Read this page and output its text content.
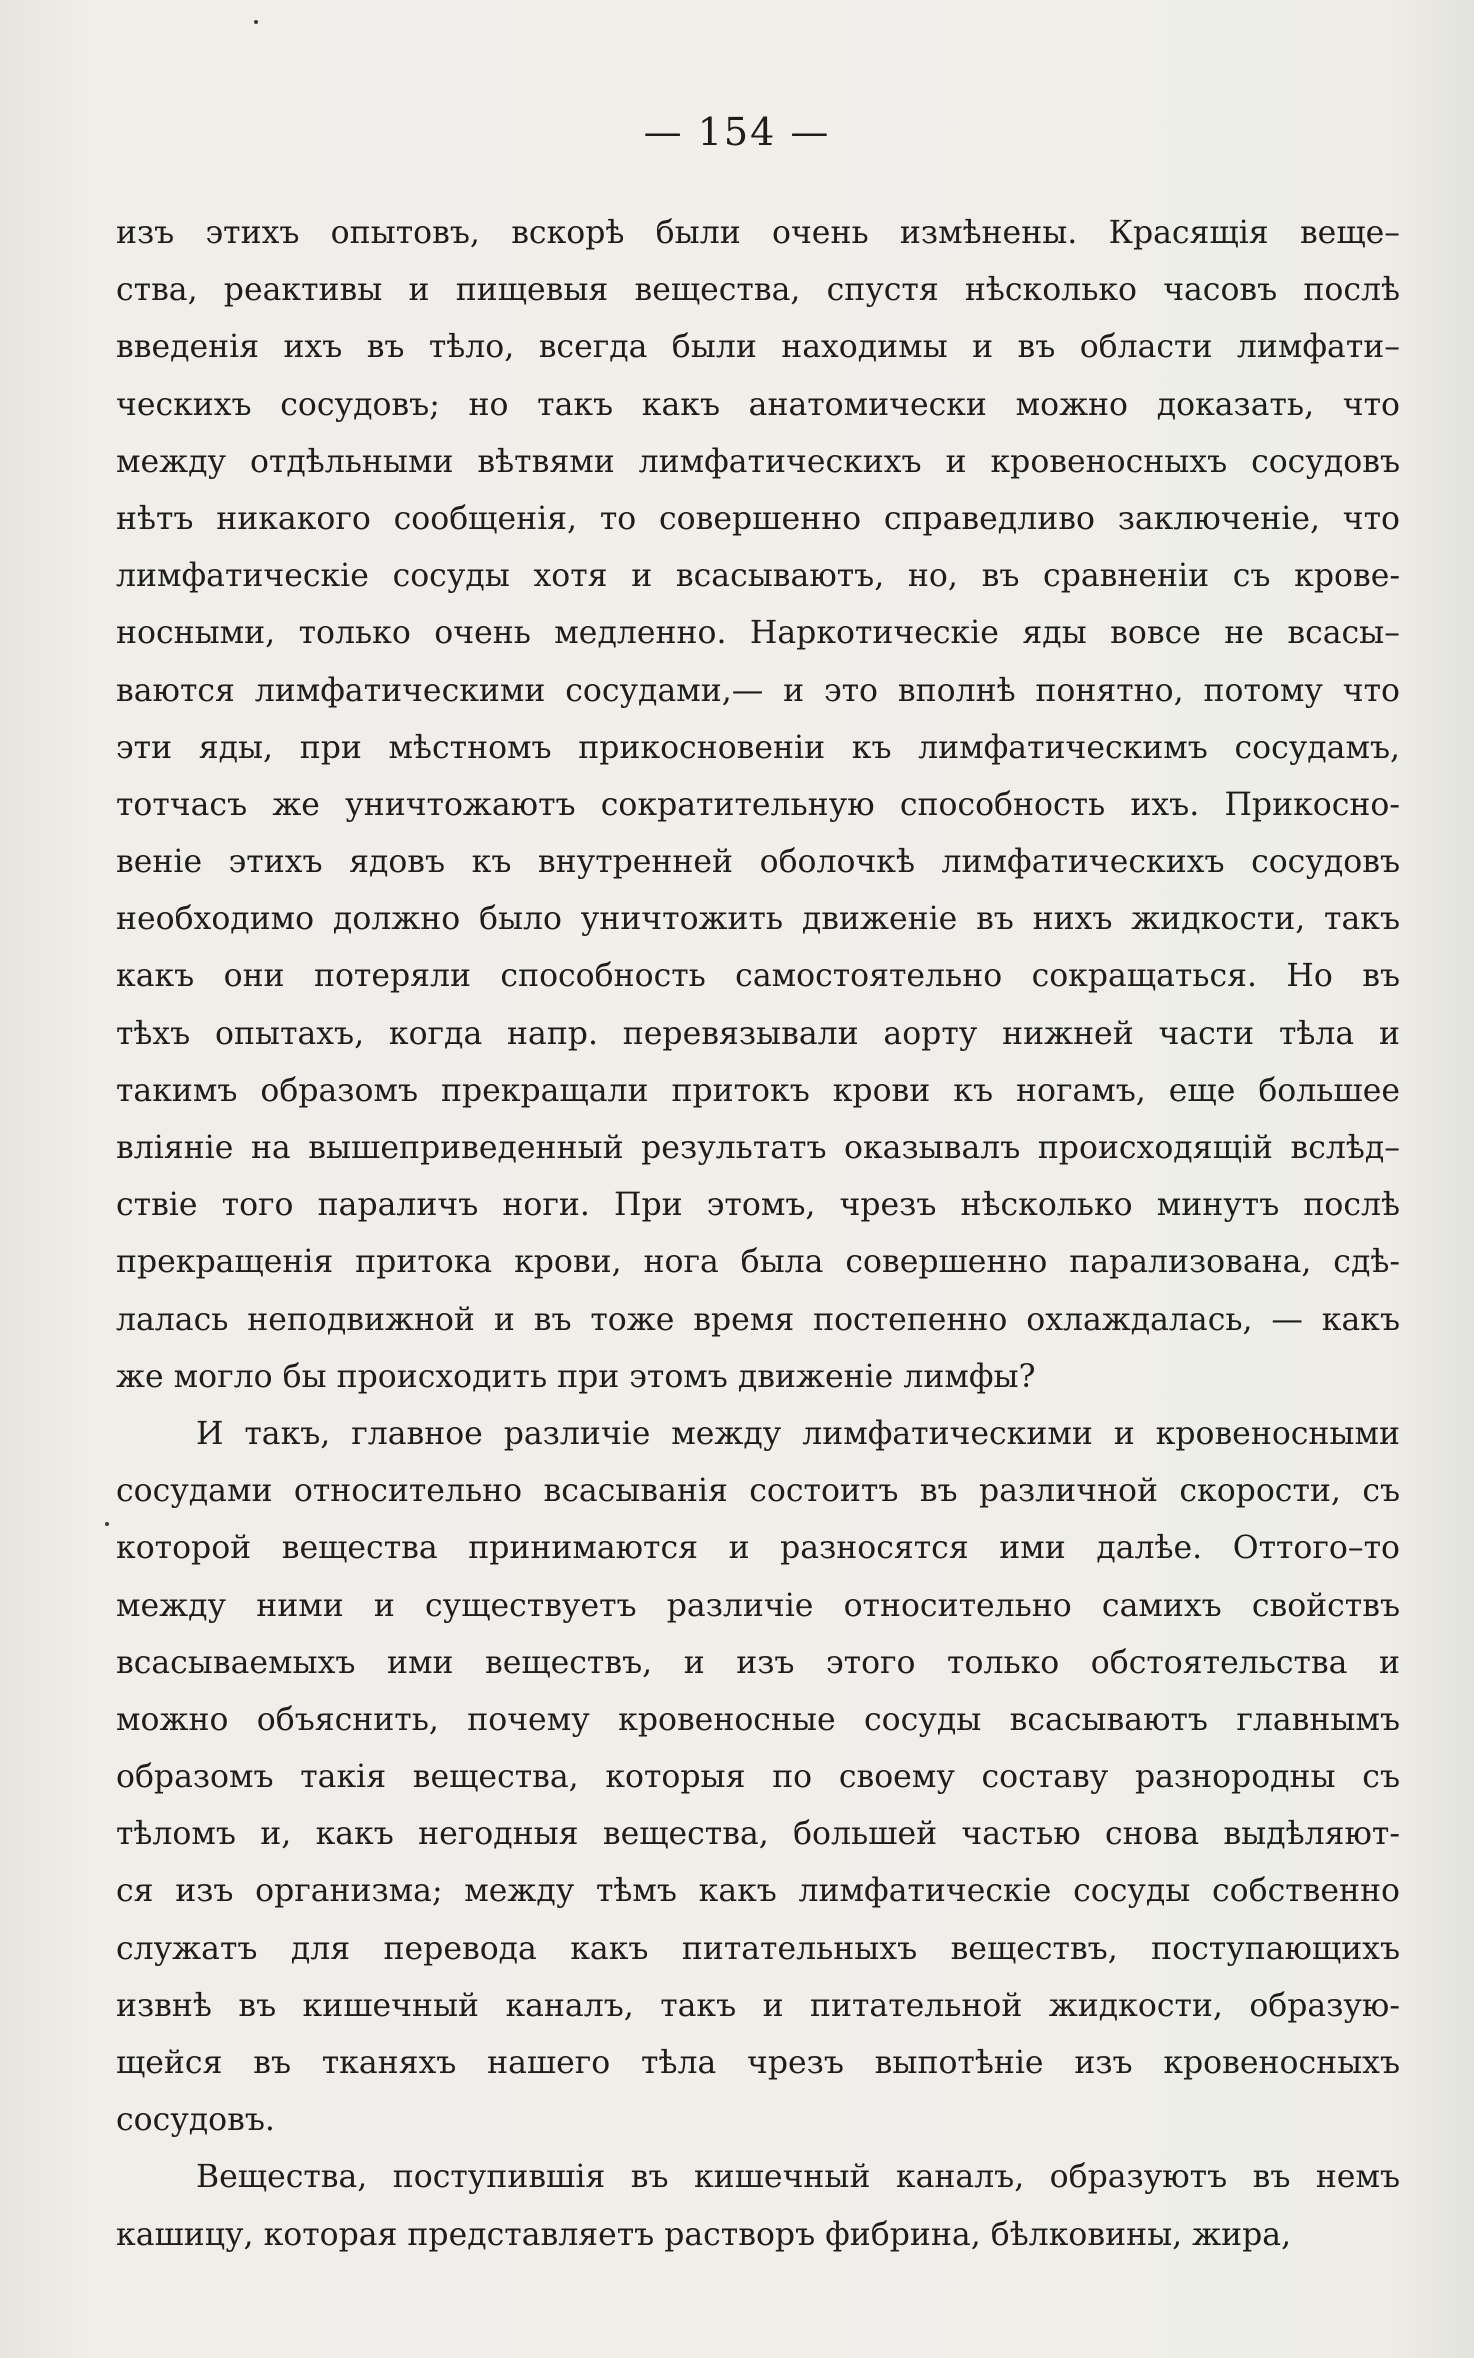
— 154 —
изъ этихъ опытовъ, вскорѣ были очень измѣнены. Красящія веще–
ства, реактивы и пищевыя вещества, спустя нѣсколько часовъ послѣ
введенія ихъ въ тѣло, всегда были находимы и въ области лимфати–
ческихъ сосудовъ; но такъ какъ анатомически можно доказать, что
между отдѣльными вѣтвями лимфатическихъ и кровеносныхъ сосудовъ
нѣтъ никакого сообщенія, то совершенно справедливо заключеніе, что
лимфатическіе сосуды хотя и всасываютъ, но, въ сравненіи съ крове-
носными, только очень медленно. Наркотическіе яды вовсе не всасы–
ваются лимфатическими сосудами,— и это вполнѣ понятно, потому что
эти яды, при мѣстномъ прикосновеніи къ лимфатическимъ сосудамъ,
тотчасъ же уничтожаютъ сократительную способность ихъ. Прикосно-
веніе этихъ ядовъ къ внутренней оболочкѣ лимфатическихъ сосудовъ
необходимо должно было уничтожить движеніе въ нихъ жидкости, такъ
какъ они потеряли способность самостоятельно сокращаться. Но въ
тѣхъ опытахъ, когда напр. перевязывали аорту нижней части тѣла и
такимъ образомъ прекращали притокъ крови къ ногамъ, еще большее
вліяніе на вышеприведенный результатъ оказывалъ происходящій вслѣд–
ствіе того параличъ ноги. При этомъ, чрезъ нѣсколько минутъ послѣ
прекращенія притока крови, нога была совершенно парализована, сдѣ-
лалась неподвижной и въ тоже время постепенно охлаждалась, — какъ
же могло бы происходить при этомъ движеніе лимфы?
И такъ, главное различіе между лимфатическими и кровеносными
сосудами относительно всасыванія состоитъ въ различной скорости, съ
которой вещества принимаются и разносятся ими далѣе. Оттого–то
между ними и существуетъ различіе относительно самихъ свойствъ
всасываемыхъ ими веществъ, и изъ этого только обстоятельства и
можно объяснить, почему кровеносные сосуды всасываютъ главнымъ
образомъ такія вещества, которыя по своему составу разнородны съ
тѣломъ и, какъ негодныя вещества, большей частью снова выдѣляют-
ся изъ организма; между тѣмъ какъ лимфатическіе сосуды собственно
служатъ для перевода какъ питательныхъ веществъ, поступающихъ
извнѣ въ кишечный каналъ, такъ и питательной жидкости, образую-
щейся въ тканяхъ нашего тѣла чрезъ выпотѣніе изъ кровеносныхъ
сосудовъ.
Вещества, поступившія въ кишечный каналъ, образуютъ въ немъ
кашицу, которая представляетъ растворъ фибрина, бѣлковины, жира,
